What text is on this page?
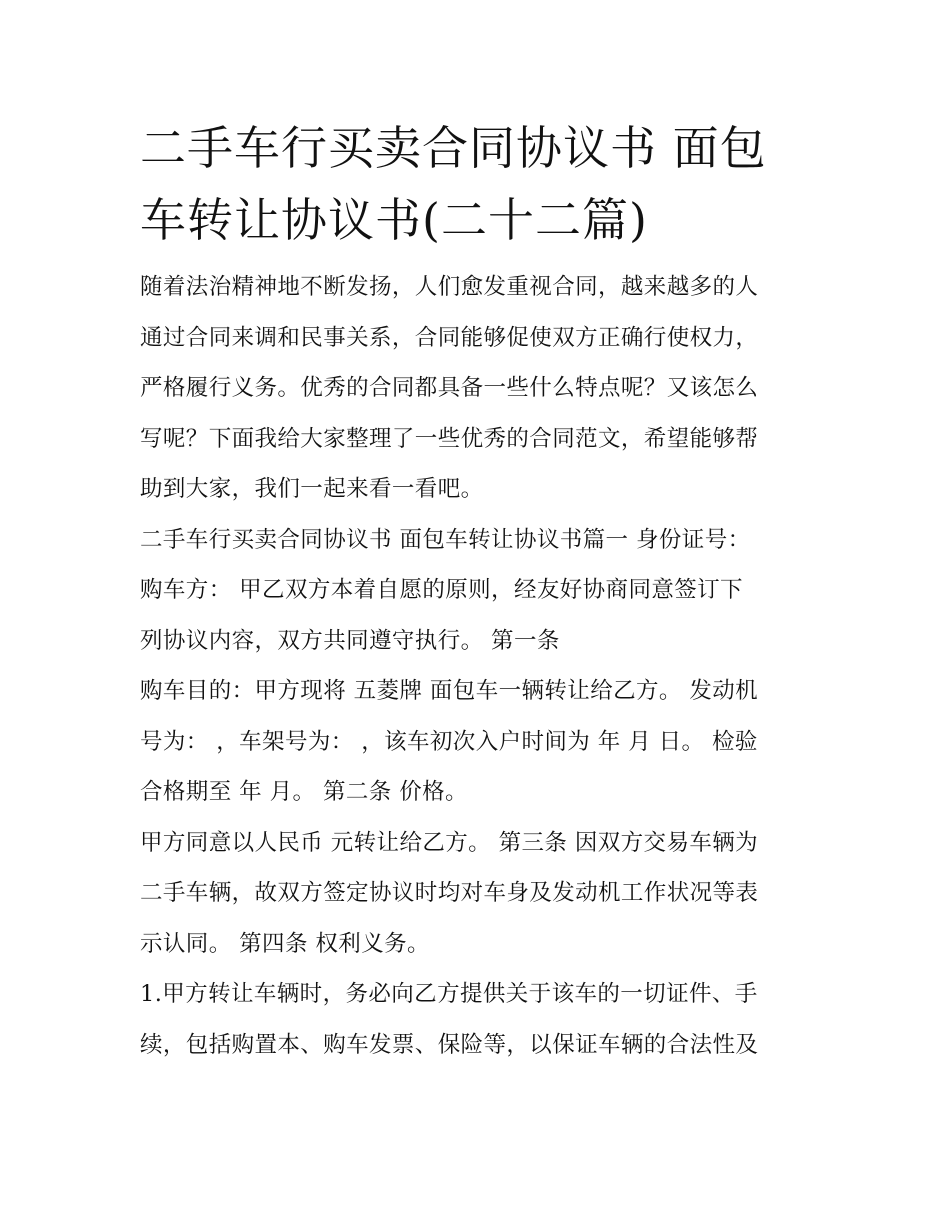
二手车行买卖合同协议书 面包
车转让协议书(二十二篇)

随着法治精神地不断发扬，人们愈发重视合同，越来越多的人
通过合同来调和民事关系，合同能够促使双方正确行使权力，
严格履行义务。优秀的合同都具备一些什么特点呢？又该怎么
写呢？下面我给大家整理了一些优秀的合同范文，希望能够帮
助到大家，我们一起来看一看吧。

二手车行买卖合同协议书 面包车转让协议书篇一 身份证号：
购车方： 甲乙双方本着自愿的原则，经友好协商同意签订下
列协议内容，双方共同遵守执行。 第一条

购车目的：甲方现将 五菱牌 面包车一辆转让给乙方。 发动机
号为： ，车架号为： ，该车初次入户时间为 年 月 日。 检验
合格期至 年 月。 第二条 价格。

甲方同意以人民币 元转让给乙方。 第三条 因双方交易车辆为
二手车辆，故双方签定协议时均对车身及发动机工作状况等表
示认同。 第四条 权利义务。

1.甲方转让车辆时，务必向乙方提供关于该车的一切证件、手
续，包括购置本、购车发票、保险等，以保证车辆的合法性及
